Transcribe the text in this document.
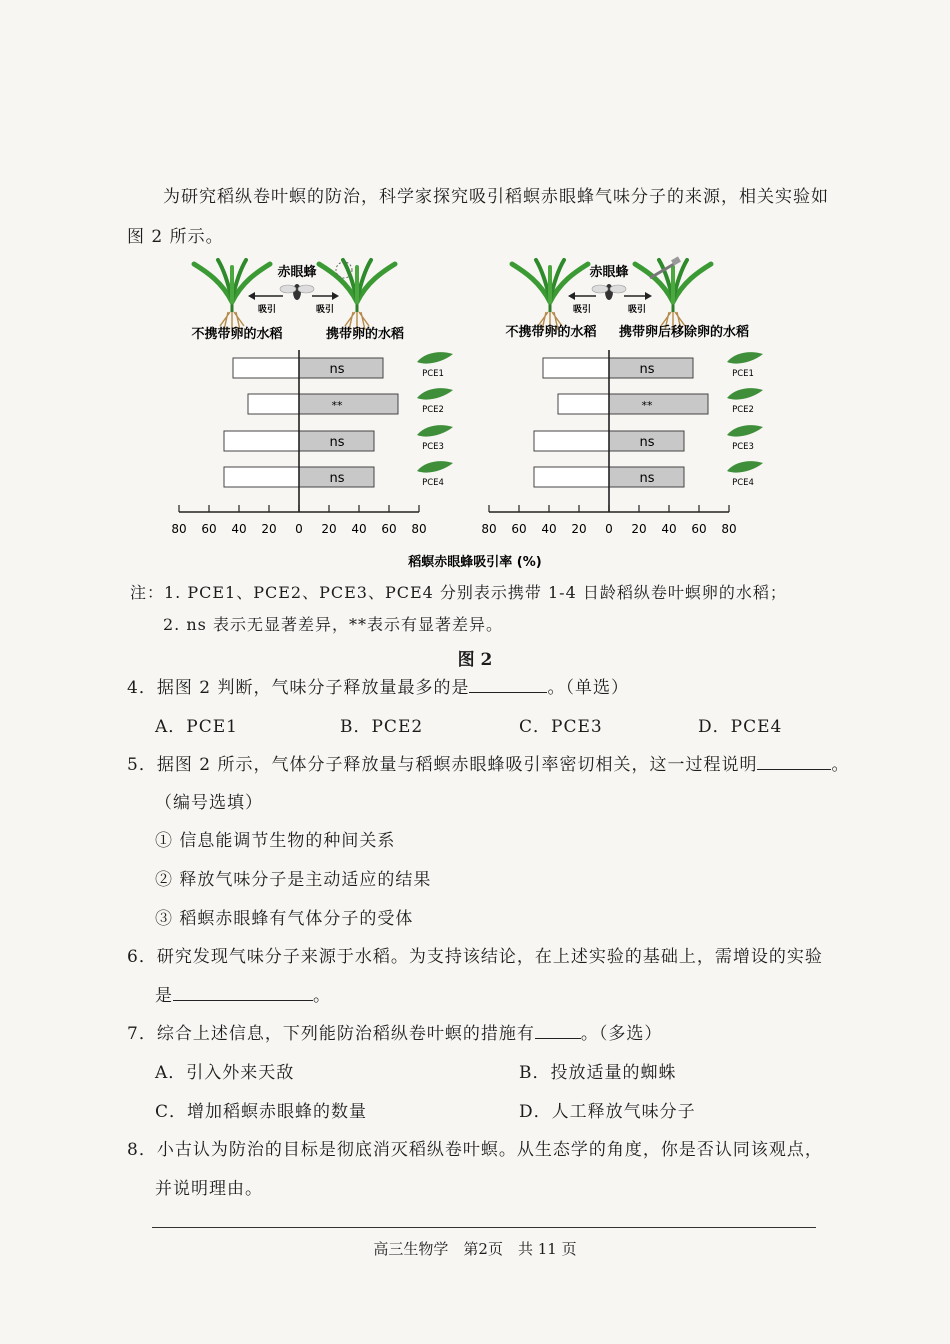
为研究稻纵卷叶螟的防治，科学家探究吸引稻螟赤眼蜂气味分子的来源，相关实验如
图 2 所示。
赤眼蜂
吸引	吸引
不携带卵的水稻	携带卵的水稻
赤眼蜂
吸引	吸引
不携带卵的水稻 携带卵后移除卵的水稻
ns	PCE1
**	PCE2
ns	PCE3
ns	PCE4
80 60 40 20 0 20 40 60 80
ns	PCE1
**	PCE2
ns	PCE3
ns	PCE4
80 60 40 20 0 20 40 60 80
稻螟赤眼蜂吸引率 (%)
注：1. PCE1、PCE2、PCE3、PCE4 分别表示携带 1-4 日龄稻纵卷叶螟卵的水稻；
2. ns 表示无显著差异，**表示有显著差异。
图 2
4．据图 2 判断，气味分子释放量最多的是	。（单选）
A．PCE1	B．PCE2	C．PCE3	D．PCE4
5．据图 2 所示，气体分子释放量与稻螟赤眼蜂吸引率密切相关，这一过程说明	。
（编号选填）
① 信息能调节生物的种间关系
② 释放气味分子是主动适应的结果
③ 稻螟赤眼蜂有气体分子的受体
6．研究发现气味分子来源于水稻。为支持该结论，在上述实验的基础上，需增设的实验
是	。
7．综合上述信息，下列能防治稻纵卷叶螟的措施有	。（多选）
A．引入外来天敌	B．投放适量的蜘蛛
C．增加稻螟赤眼蜂的数量	D．人工释放气味分子
8．小古认为防治的目标是彻底消灭稻纵卷叶螟。从生态学的角度，你是否认同该观点，
并说明理由。
高三生物学　第2页　共 11 页
